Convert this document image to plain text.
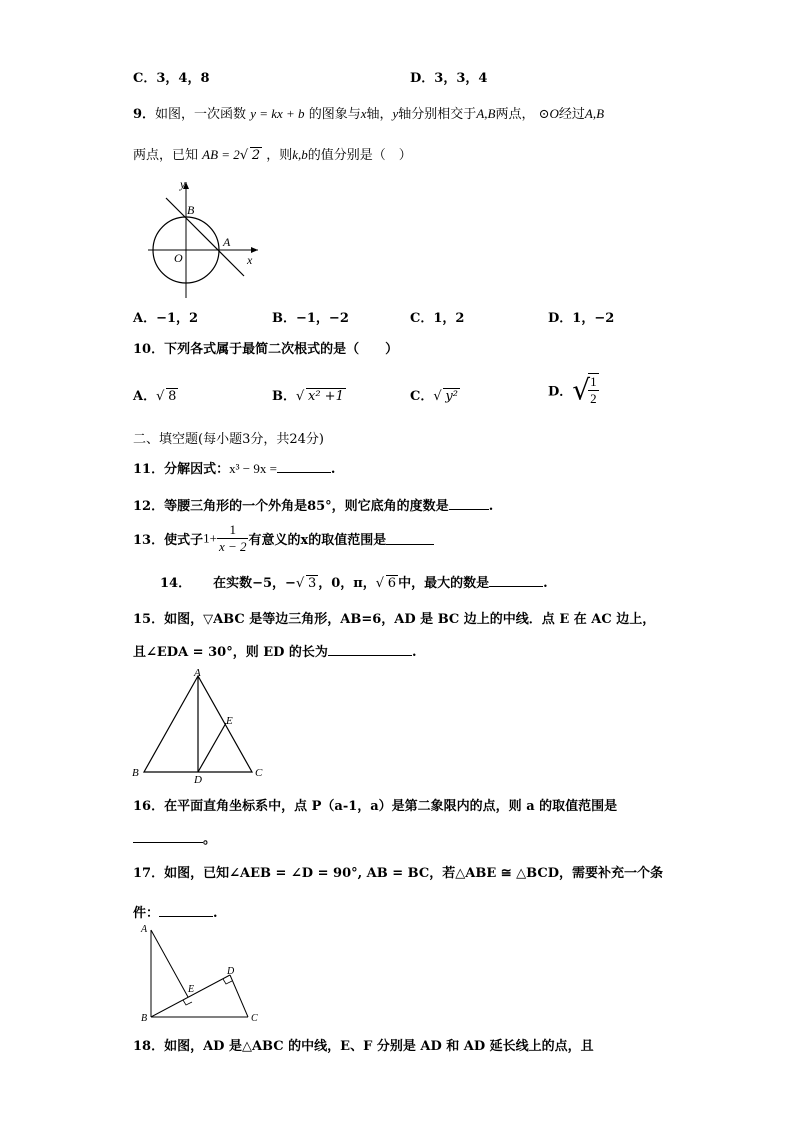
C．3，4，8	D．3，3，4
9．如图，一次函数 y = kx + b 的图象与x轴，y轴分别相交于A,B两点， ⊙O经过A,B
两点，已知 AB = 2 √ 2 ，则k,b的值分别是（　）
y
B
A
O	x
A．−1，2	B．−1，−2	C．1，2	D．1，−2
10．下列各式属于最简二次根式的是（　　）
A． √ 8	B． √ x² +1	C． √ y²	D．√
$\frac{1}{2}$
二、填空题(每小题3分，共24分)
11．分解因式：x³ − 9x =	.
12．等腰三角形的一个外角是85°，则它底角的度数是	.
13．使式子$1+ \frac{1}{x - 2}$ 有意义的x的取值范围是
14． 在实数−5，− √ 3 ，0，π， √ 6 中，最大的数是	.
15．如图，▽ABC 是等边三角形，AB=6，AD 是 BC 边上的中线．点 E 在 AC 边上，
且∠EDA = 30°，则 ED 的长为	.
A
E
B
D
C
16．在平面直角坐标系中，点 P（a-1，a）是第二象限内的点，则 a 的取值范围是
。
17．如图，已知∠AEB = ∠D = 90°, AB = BC，若△ABE ≅ △BCD，需要补充一个条
件：	.
A
D
E
B	C
18．如图，AD 是△ABC 的中线，E、F 分别是 AD 和 AD 延长线上的点，且
